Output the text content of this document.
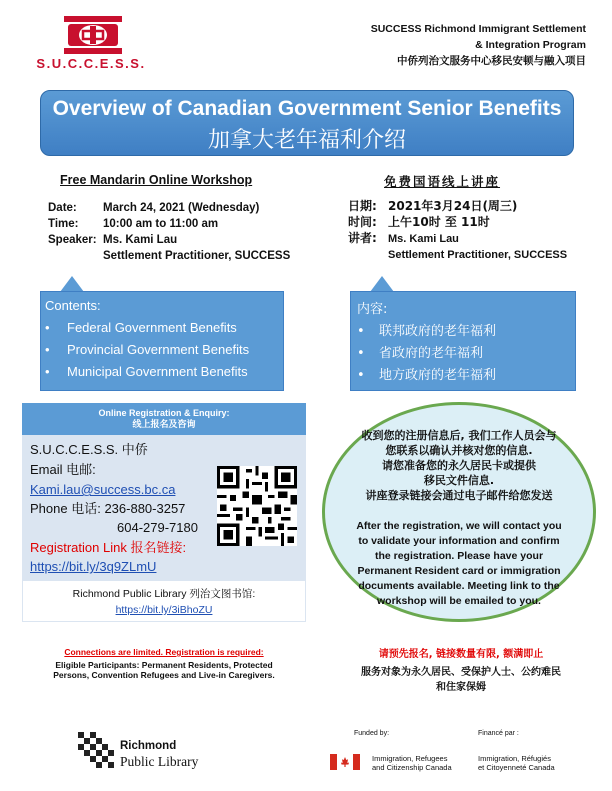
S.U.C.C.E.S.S.
SUCCESS Richmond Immigrant Settlement
& Integration Program
中侨列治文服务中心移民安顿与融入项目
Overview of Canadian Government Senior Benefits
加拿大老年福利介绍
Free Mandarin Online Workshop
Date: March 24, 2021 (Wednesday)
Time: 10:00 am to 11:00 am
Speaker: Ms. Kami Lau
Settlement Practitioner, SUCCESS
免费国语线上讲座
日期: 2021年3月24日(周三)
时间: 上午10时 至 11时
讲者: Ms. Kami Lau
Settlement Practitioner, SUCCESS
Contents:
• Federal Government Benefits
• Provincial Government Benefits
• Municipal Government Benefits
内容:
• 联邦政府的老年福利
• 省政府的老年福利
• 地方政府的老年福利
Online Registration & Enquiry:
线上报名及咨询
S.U.C.C.E.S.S. 中侨
Email 电邮:
Kami.lau@success.bc.ca
Phone 电话: 236-880-3257
604-279-7180
Registration Link 报名链接:
https://bit.ly/3q9ZLmU
Richmond Public Library 列治文图书馆:
https://bit.ly/3iBhoZU
收到您的注册信息后, 我们工作人员会与
您联系以确认并核对您的信息.
请您准备您的永久居民卡或提供
移民文件信息.
讲座登录链接会通过电子邮件给您发送
After the registration, we will contact you
to validate your information and confirm
the registration. Please have your
Permanent Resident card or immigration
documents available. Meeting link to the
workshop will be emailed to you.
Connections are limited. Registration is required:
Eligible Participants: Permanent Residents, Protected
Persons, Convention Refugees and Live-in Caregivers.
请预先报名, 链接数量有限, 额满即止
服务对象为永久居民、受保护人士、公约难民
和住家保姆
Richmond
Public Library
Funded by:	Financé par :
Immigration, Refugees
and Citizenship Canada
Immigration, Réfugiés
et Citoyenneté Canada
